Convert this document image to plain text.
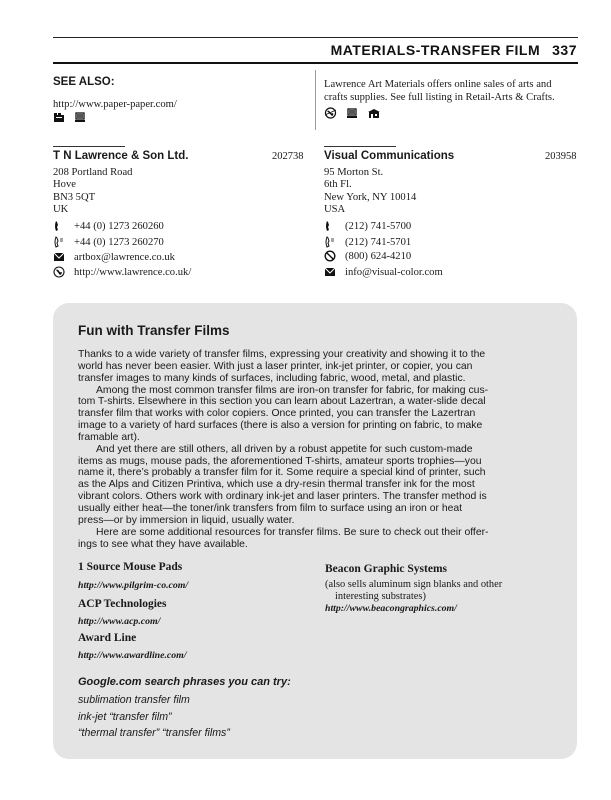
MATERIALS-TRANSFER FILM 337
SEE ALSO:
http://www.paper-paper.com/
Lawrence Art Materials offers online sales of arts and
crafts supplies. See full listing in Retail-Arts & Crafts.
T N Lawrence & Son Ltd.	202738
208 Portland Road
Hove
BN3 5QT
UK
+44 (0) 1273 260260
+44 (0) 1273 260270
artbox@lawrence.co.uk
http://www.lawrence.co.uk/
Visual Communications	203958
95 Morton St.
6th Fl.
New York, NY 10014
USA
(212) 741-5700
(212) 741-5701
(800) 624-4210
info@visual-color.com
Fun with Transfer Films
Thanks to a wide variety of transfer films, expressing your creativity and showing it to the
world has never been easier. With just a laser printer, ink-jet printer, or copier, you can
transfer images to many kinds of surfaces, including fabric, wood, metal, and plastic.
Among the most common transfer films are iron-on transfer for fabric, for making cus-
tom T-shirts. Elsewhere in this section you can learn about Lazertran, a water-slide decal
transfer film that works with color copiers. Once printed, you can transfer the Lazertran
image to a variety of hard surfaces (there is also a version for printing on fabric, to make
framable art).
And yet there are still others, all driven by a robust appetite for such custom-made
items as mugs, mouse pads, the aforementioned T-shirts, amateur sports trophies—you
name it, there’s probably a transfer film for it. Some require a special kind of printer, such
as the Alps and Citizen Printiva, which use a dry-resin thermal transfer ink for the most
vibrant colors. Others work with ordinary ink-jet and laser printers. The transfer method is
usually either heat—the toner/ink transfers from film to surface using an iron or heat
press—or by immersion in liquid, usually water.
Here are some additional resources for transfer films. Be sure to check out their offer-
ings to see what they have available.
1 Source Mouse Pads
http://www.pilgrim-co.com/
ACP Technologies
http://www.acp.com/
Award Line
http://www.awardline.com/
Beacon Graphic Systems
(also sells aluminum sign blanks and other
interesting substrates)
http://www.beacongraphics.com/
Google.com search phrases you can try:
sublimation transfer film
ink-jet “transfer film”
“thermal transfer” “transfer films”
